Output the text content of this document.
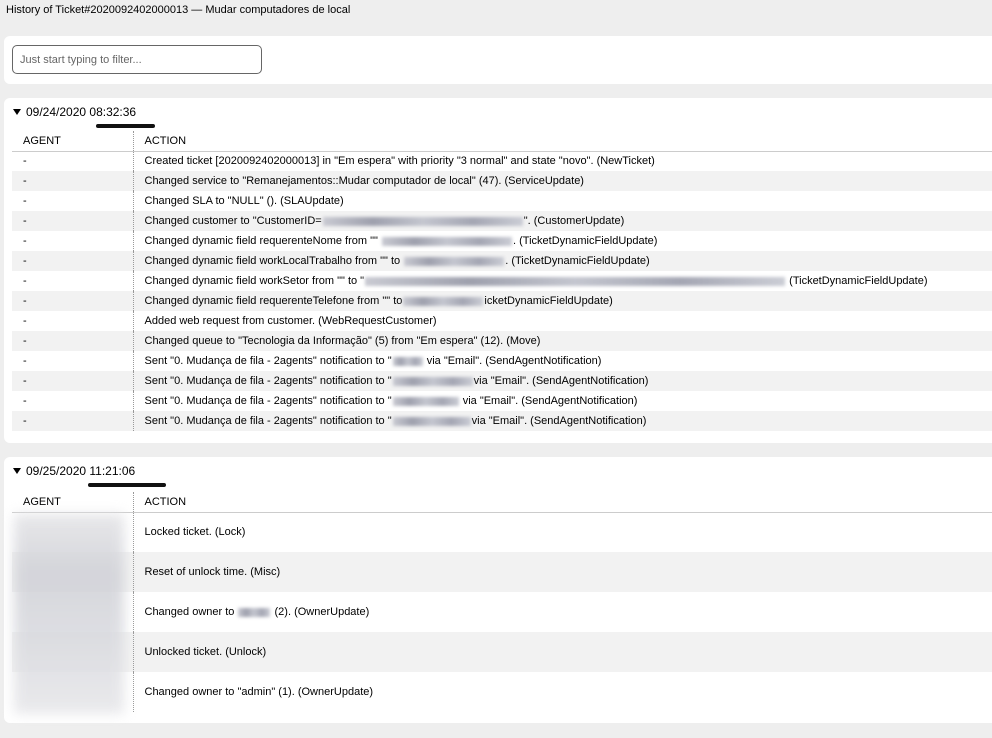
History of Ticket#2020092402000013 — Mudar computadores de local
Just start typing to filter...
09/24/2020 08:32:36
AGENT	ACTION
-	Created ticket [2020092402000013] in "Em espera" with priority "3 normal" and state "novo". (NewTicket)
-	Changed service to "Remanejamentos::Mudar computador de local" (47). (ServiceUpdate)
-	Changed SLA to "NULL" (). (SLAUpdate)
-	Changed customer to "CustomerID= ". (CustomerUpdate)
-	Changed dynamic field requerenteNome from "" . (TicketDynamicFieldUpdate)
-	Changed dynamic field workLocalTrabalho from "" to . (TicketDynamicFieldUpdate)
-	Changed dynamic field workSetor from "" to " (TicketDynamicFieldUpdate)
-	Changed dynamic field requerenteTelefone from "" to icketDynamicFieldUpdate)
-	Added web request from customer. (WebRequestCustomer)
-	Changed queue to "Tecnologia da Informação" (5) from "Em espera" (12). (Move)
-	Sent "0. Mudança de fila - 2agents" notification to " via "Email". (SendAgentNotification)
-	Sent "0. Mudança de fila - 2agents" notification to " via "Email". (SendAgentNotification)
-	Sent "0. Mudança de fila - 2agents" notification to " via "Email". (SendAgentNotification)
-	Sent "0. Mudança de fila - 2agents" notification to " via "Email". (SendAgentNotification)
09/25/2020 11:21:06
AGENT	ACTION
	Locked ticket. (Lock)
	Reset of unlock time. (Misc)
	Changed owner to (2). (OwnerUpdate)
	Unlocked ticket. (Unlock)
	Changed owner to "admin" (1). (OwnerUpdate)
